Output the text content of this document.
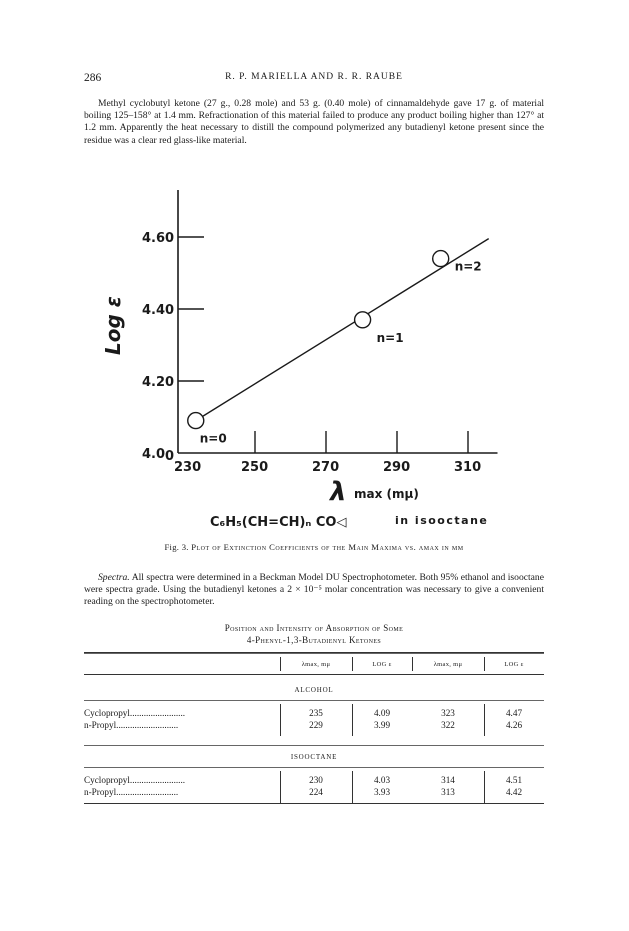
286	R. P. MARIELLA AND R. R. RAUBE

Methyl cyclobutyl ketone (27 g., 0.28 mole) and 53 g. (0.40 mole) of cinnamaldehyde gave 17 g. of material boiling 125–158° at 1.4 mm. Refractionation of this material failed to produce any product boiling higher than 127° at 1.2 mm. Apparently the heat necessary to distill the compound polymerized any butadienyl ketone present since the residue was a clear red glass-like material.

4.00
4.20
4.40
4.60
230	250	270	290	310
n=0
n=1
n=2
Log ε
λ max (mμ)
C₆H₅(CH=CH)ₙ CO◁	in isooctane
Fig. 3. Plot of Extinction Coefficients of the Main Maxima vs. λmax in mμ

Spectra. All spectra were determined in a Beckman Model DU Spectrophotometer. Both 95% ethanol and isooctane were spectra grade. Using the butadienyl ketones a 2 × 10⁻⁵ molar concentration was necessary to give a convenient reading on the spectrophotometer.

Position and Intensity of Absorption of Some
4-Phenyl-1,3-Butadienyl Ketones
λmax, mμ	LOG ε	λmax, mμ	LOG ε
ALCOHOL
Cyclopropyl........................	235	4.09	323	4.47
n-Propyl...........................	229	3.99	322	4.26
ISOOCTANE
Cyclopropyl........................	230	4.03	314	4.51
n-Propyl...........................	224	3.93	313	4.42
